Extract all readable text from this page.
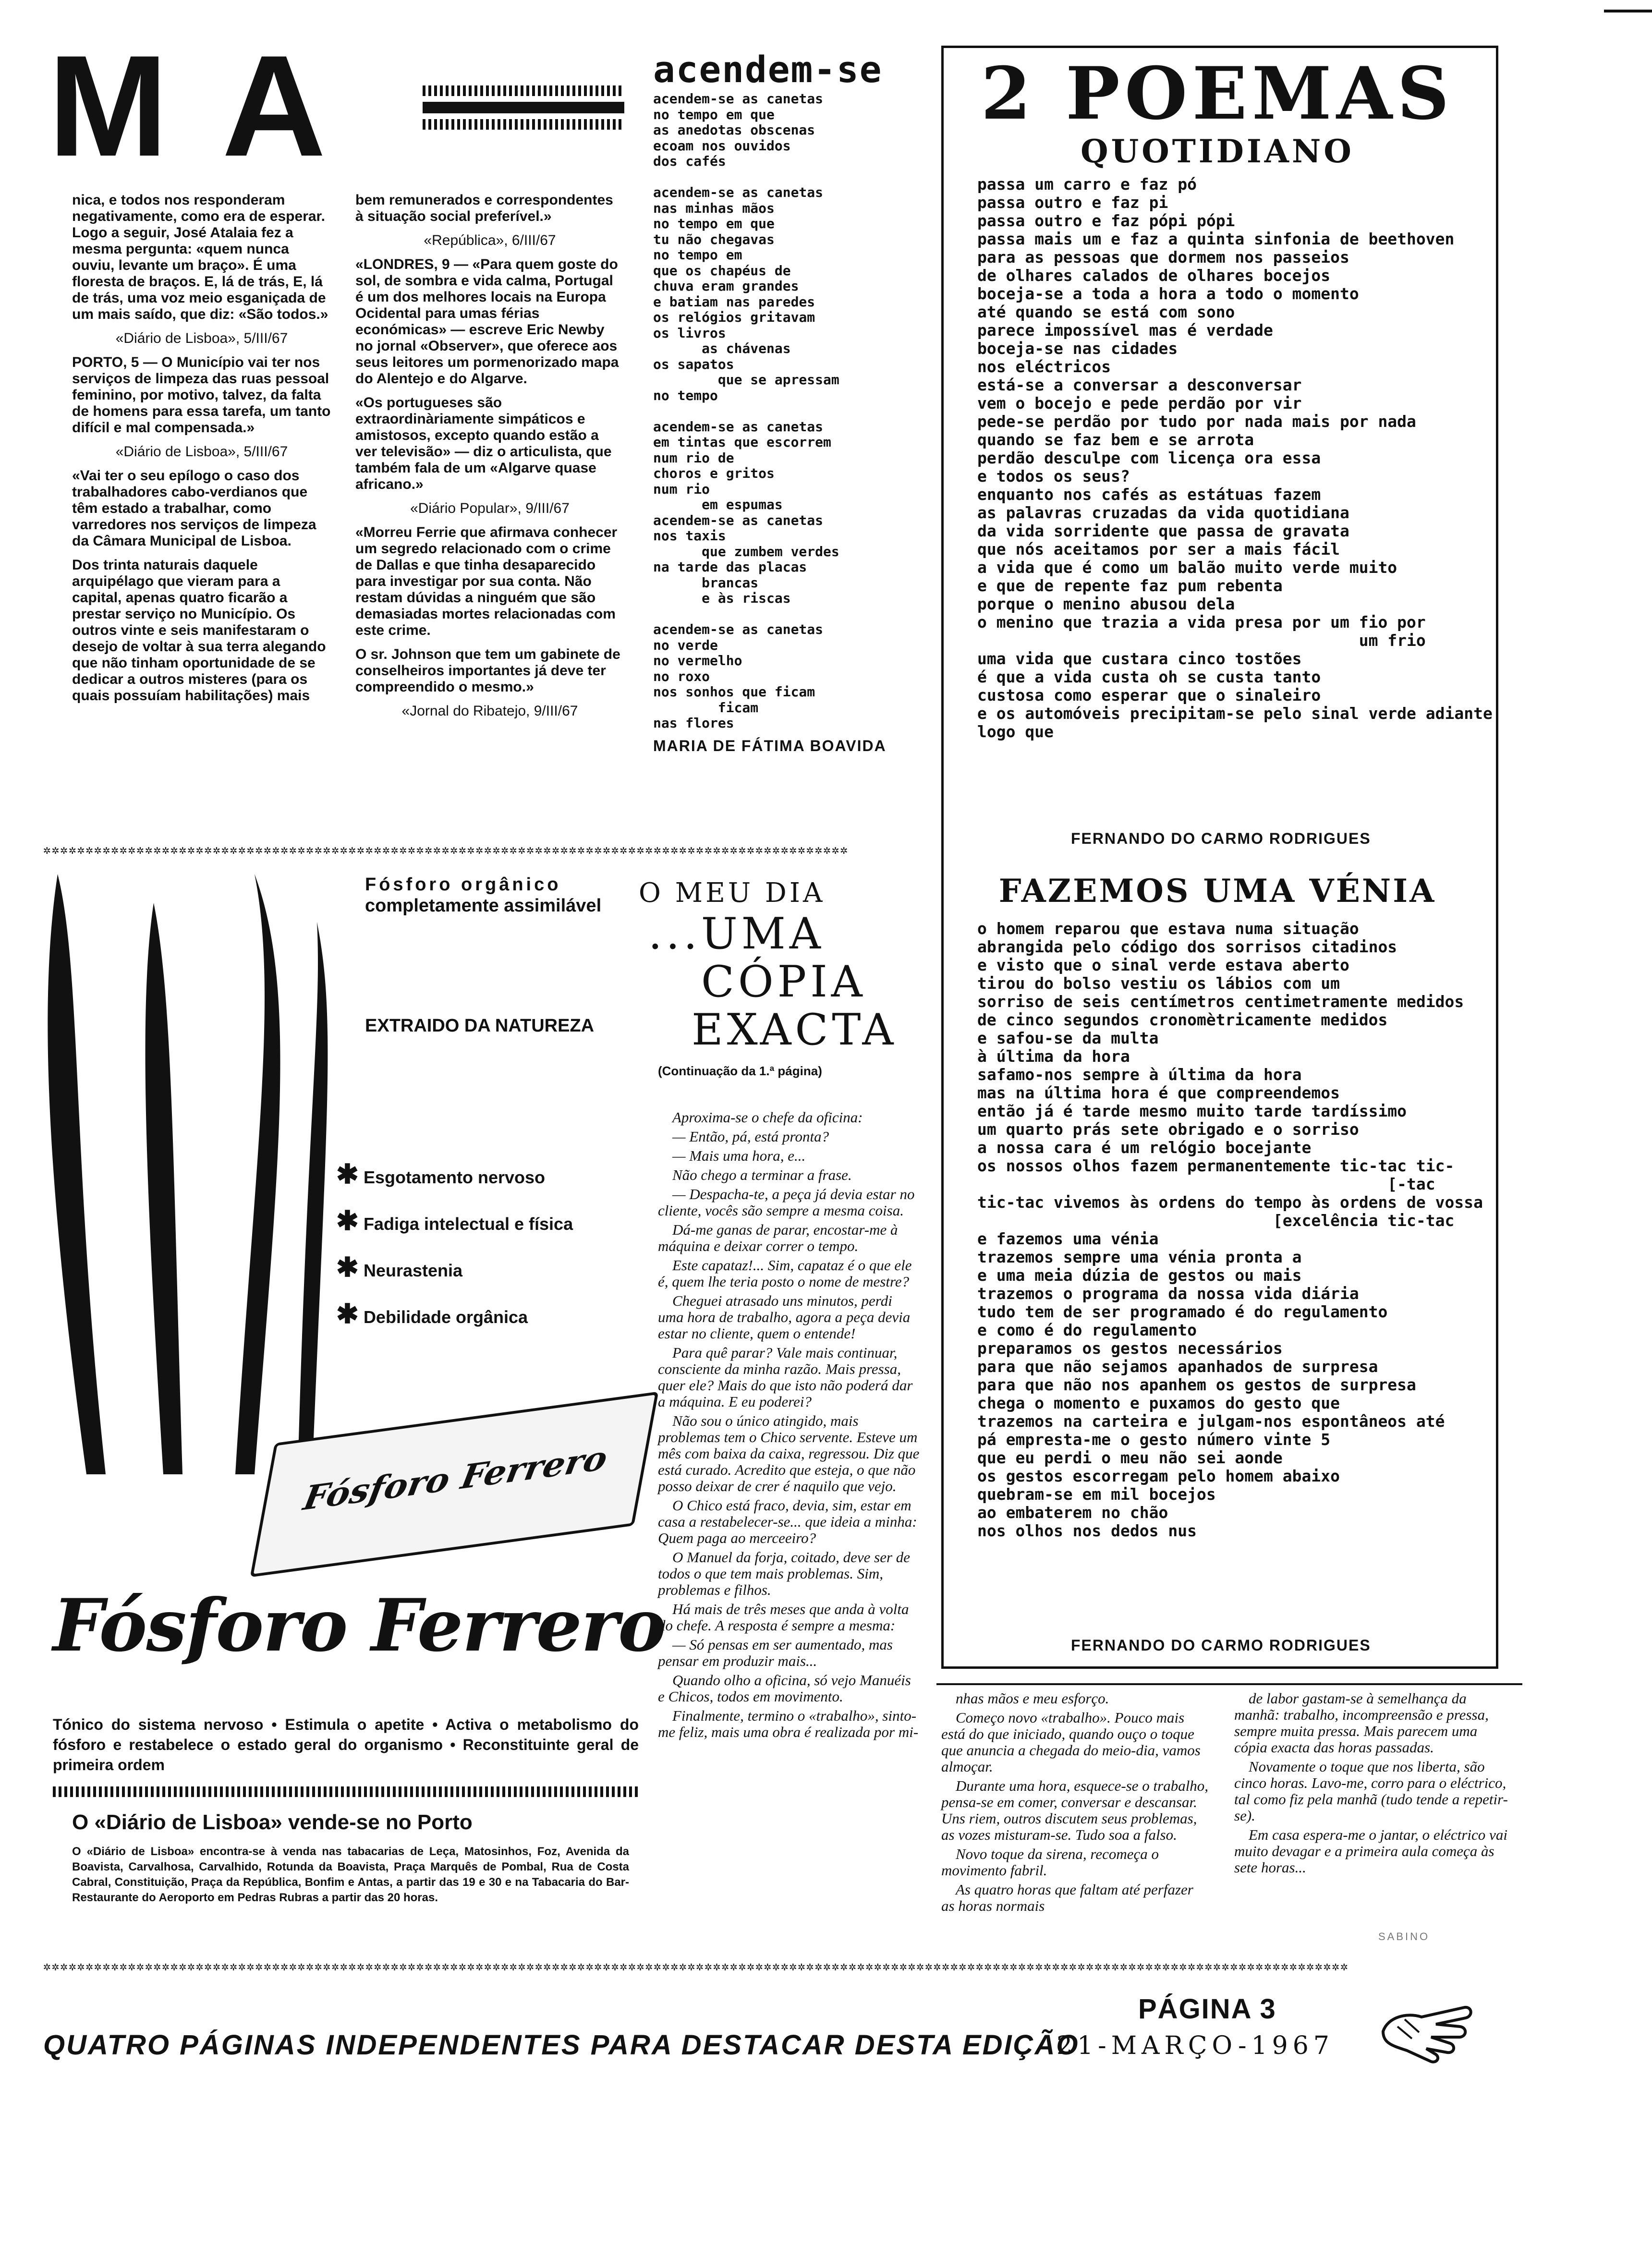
M A

nica, e todos nos responderam negativamente, como era de esperar. Logo a seguir, José Atalaia fez a mesma pergunta: «quem nunca ouviu, levante um braço». É uma floresta de braços. E, lá de trás, E, lá de trás, uma voz meio esganiçada de um mais saído, que diz: «São todos.»

«Diário de Lisboa», 5/III/67

PORTO, 5 — O Município vai ter nos serviços de limpeza das ruas pessoal feminino, por motivo, talvez, da falta de homens para essa tarefa, um tanto difícil e mal compensada.»

«Diário de Lisboa», 5/III/67

«Vai ter o seu epílogo o caso dos trabalhadores cabo-verdianos que têm estado a trabalhar, como varredores nos serviços de limpeza da Câmara Municipal de Lisboa.

Dos trinta naturais daquele arquipélago que vieram para a capital, apenas quatro ficarão a prestar serviço no Município. Os outros vinte e seis manifestaram o desejo de voltar à sua terra alegando que não tinham oportunidade de se dedicar a outros misteres (para os quais possuíam habilitações) mais

bem remunerados e correspondentes à situação social preferível.»

«República», 6/III/67

«LONDRES, 9 — «Para quem goste do sol, de sombra e vida calma, Portugal é um dos melhores locais na Europa Ocidental para umas férias económicas» — escreve Eric Newby no jornal «Observer», que oferece aos seus leitores um pormenorizado mapa do Alentejo e do Algarve.

«Os portugueses são extraordinàriamente simpáticos e amistosos, excepto quando estão a ver televisão» — diz o articulista, que também fala de um «Algarve quase africano.»

«Diário Popular», 9/III/67

«Morreu Ferrie que afirmava conhecer um segredo relacionado com o crime de Dallas e que tinha desaparecido para investigar por sua conta. Não restam dúvidas a ninguém que são demasiadas mortes relacionadas com este crime.

O sr. Johnson que tem um gabinete de conselheiros importantes já deve ter compreendido o mesmo.»

«Jornal do Ribatejo, 9/III/67

acendem-se
acendem-se as canetas
no tempo em que
as anedotas obscenas
ecoam nos ouvidos
dos cafés

acendem-se as canetas
nas minhas mãos
no tempo em que
tu não chegavas
no tempo em
que os chapéus de
chuva eram grandes
e batiam nas paredes
os relógios gritavam
os livros
as chávenas
os sapatos
que se apressam
no tempo

acendem-se as canetas
em tintas que escorrem
num rio de
choros e gritos
num rio
em espumas
acendem-se as canetas
nos taxis
que zumbem verdes
na tarde das placas
brancas
e às riscas

acendem-se as canetas
no verde
no vermelho
no roxo
nos sonhos que ficam
ficam
nas flores
MARIA DE FÁTIMA BOAVIDA
✲✲✲✲✲✲✲✲✲✲✲✲✲✲✲✲✲✲✲✲✲✲✲✲✲✲✲✲✲✲✲✲✲✲✲✲✲✲✲✲✲✲✲✲✲✲✲✲✲✲✲✲✲✲✲✲✲✲✲✲✲✲✲✲✲✲✲✲✲✲✲✲✲✲✲✲✲✲✲✲✲✲✲✲✲✲✲✲✲✲✲✲✲✲✲
2 POEMAS
QUOTIDIANO
passa um carro e faz pó
passa outro e faz pi
passa outro e faz pópi pópi
passa mais um e faz a quinta sinfonia de beethoven
para as pessoas que dormem nos passeios
de olhares calados de olhares bocejos
boceja-se a toda a hora a todo o momento
até quando se está com sono
parece impossível mas é verdade
boceja-se nas cidades
nos eléctricos
está-se a conversar a desconversar
vem o bocejo e pede perdão por vir
pede-se perdão por tudo por nada mais por nada
quando se faz bem e se arrota
perdão desculpe com licença ora essa
e todos os seus?
enquanto nos cafés as estátuas fazem
as palavras cruzadas da vida quotidiana
da vida sorridente que passa de gravata
que nós aceitamos por ser a mais fácil
a vida que é como um balão muito verde muito
e que de repente faz pum rebenta
porque o menino abusou dela
o menino que trazia a vida presa por um fio por
um frio
uma vida que custara cinco tostões
é que a vida custa oh se custa tanto
custosa como esperar que o sinaleiro
e os automóveis precipitam-se pelo sinal verde adiante
logo que
FERNANDO DO CARMO RODRIGUES
FAZEMOS UMA VÉNIA
o homem reparou que estava numa situação
abrangida pelo código dos sorrisos citadinos
e visto que o sinal verde estava aberto
tirou do bolso vestiu os lábios com um
sorriso de seis centímetros centimetramente medidos
de cinco segundos cronomètricamente medidos
e safou-se da multa
à última da hora
safamo-nos sempre à última da hora
mas na última hora é que compreendemos
então já é tarde mesmo muito tarde tardíssimo
um quarto prás sete obrigado e o sorriso
a nossa cara é um relógio bocejante
os nossos olhos fazem permanentemente tic-tac tic-
[-tac
tic-tac vivemos às ordens do tempo às ordens de vossa
[excelência tic-tac
e fazemos uma vénia
trazemos sempre uma vénia pronta a
e uma meia dúzia de gestos ou mais
trazemos o programa da nossa vida diária
tudo tem de ser programado é do regulamento
e como é do regulamento
preparamos os gestos necessários
para que não sejamos apanhados de surpresa
para que não nos apanhem os gestos de surpresa
chega o momento e puxamos do gesto que
trazemos na carteira e julgam-nos espontâneos até
pá empresta-me o gesto número vinte 5
que eu perdi o meu não sei aonde
os gestos escorregam pelo homem abaixo
quebram-se em mil bocejos
ao embaterem no chão
nos olhos nos dedos nus
FERNANDO DO CARMO RODRIGUES
Fósforo orgânico
completamente assimilável
EXTRAIDO DA NATUREZA
✱ Esgotamento nervoso
✱ Fadiga intelectual e física
✱ Neurastenia
✱ Debilidade orgânica
Fósforo Ferrero
Fósforo Ferrero
Tónico do sistema nervoso • Estimula o apetite • Activa o metabolismo do fósforo e restabelece o estado geral do organismo • Reconstituinte geral de primeira ordem
O «Diário de Lisboa» vende-se no Porto
O «Diário de Lisboa» encontra-se à venda nas tabacarias de Leça, Matosinhos, Foz, Avenida da Boavista, Carvalhosa, Carvalhido, Rotunda da Boavista, Praça Marquês de Pombal, Rua de Costa Cabral, Constituição, Praça da República, Bonfim e Antas, a partir das 19 e 30 e na Tabacaria do Bar-Restaurante do Aeroporto em Pedras Rubras a partir das 20 horas.
O MEU DIA
...UMA
CÓPIA
EXACTA
(Continuação da 1.ª página)

Aproxima-se o chefe da oficina:

— Então, pá, está pronta?

— Mais uma hora, e...

Não chego a terminar a frase.

— Despacha-te, a peça já devia estar no cliente, vocês são sempre a mesma coisa.

Dá-me ganas de parar, encostar-me à máquina e deixar correr o tempo.

Este capataz!... Sim, capataz é o que ele é, quem lhe teria posto o nome de mestre?

Cheguei atrasado uns minutos, perdi uma hora de trabalho, agora a peça devia estar no cliente, quem o entende!

Para quê parar? Vale mais continuar, consciente da minha razão. Mais pressa, quer ele? Mais do que isto não poderá dar a máquina. E eu poderei?

Não sou o único atingido, mais problemas tem o Chico servente. Esteve um mês com baixa da caixa, regressou. Diz que está curado. Acredito que esteja, o que não posso deixar de crer é naquilo que vejo.

O Chico está fraco, devia, sim, estar em casa a restabelecer-se... que ideia a minha: Quem paga ao merceeiro?

O Manuel da forja, coitado, deve ser de todos o que tem mais problemas. Sim, problemas e filhos.

Há mais de três meses que anda à volta do chefe. A resposta é sempre a mesma:

— Só pensas em ser aumentado, mas pensar em produzir mais...

Quando olho a oficina, só vejo Manuéis e Chicos, todos em movimento.

Finalmente, termino o «trabalho», sinto-me feliz, mais uma obra é realizada por mi-

nhas mãos e meu esforço.

Começo novo «trabalho». Pouco mais está do que iniciado, quando ouço o toque que anuncia a chegada do meio-dia, vamos almoçar.

Durante uma hora, esquece-se o trabalho, pensa-se em comer, conversar e descansar. Uns riem, outros discutem seus problemas, as vozes misturam-se. Tudo soa a falso.

Novo toque da sirena, recomeça o movimento fabril.

As quatro horas que faltam até perfazer as horas normais

de labor gastam-se à semelhança da manhã: trabalho, incompreensão e pressa, sempre muita pressa. Mais parecem uma cópia exacta das horas passadas.

Novamente o toque que nos liberta, são cinco horas. Lavo-me, corro para o eléctrico, tal como fiz pela manhã (tudo tende a repetir-se).

Em casa espera-me o jantar, o eléctrico vai muito devagar e a primeira aula começa às sete horas...

SABINO
✲✲✲✲✲✲✲✲✲✲✲✲✲✲✲✲✲✲✲✲✲✲✲✲✲✲✲✲✲✲✲✲✲✲✲✲✲✲✲✲✲✲✲✲✲✲✲✲✲✲✲✲✲✲✲✲✲✲✲✲✲✲✲✲✲✲✲✲✲✲✲✲✲✲✲✲✲✲✲✲✲✲✲✲✲✲✲✲✲✲✲✲✲✲✲✲✲✲✲✲✲✲✲✲✲✲✲✲✲✲✲✲✲✲✲✲✲✲✲✲✲✲✲✲✲✲✲✲✲✲✲✲✲✲✲✲✲✲✲✲✲✲✲✲✲✲✲✲✲✲✲✲✲✲
PÁGINA 3
QUATRO PÁGINAS INDEPENDENTES PARA DESTACAR DESTA EDIÇÃO
21-MARÇO-1967
